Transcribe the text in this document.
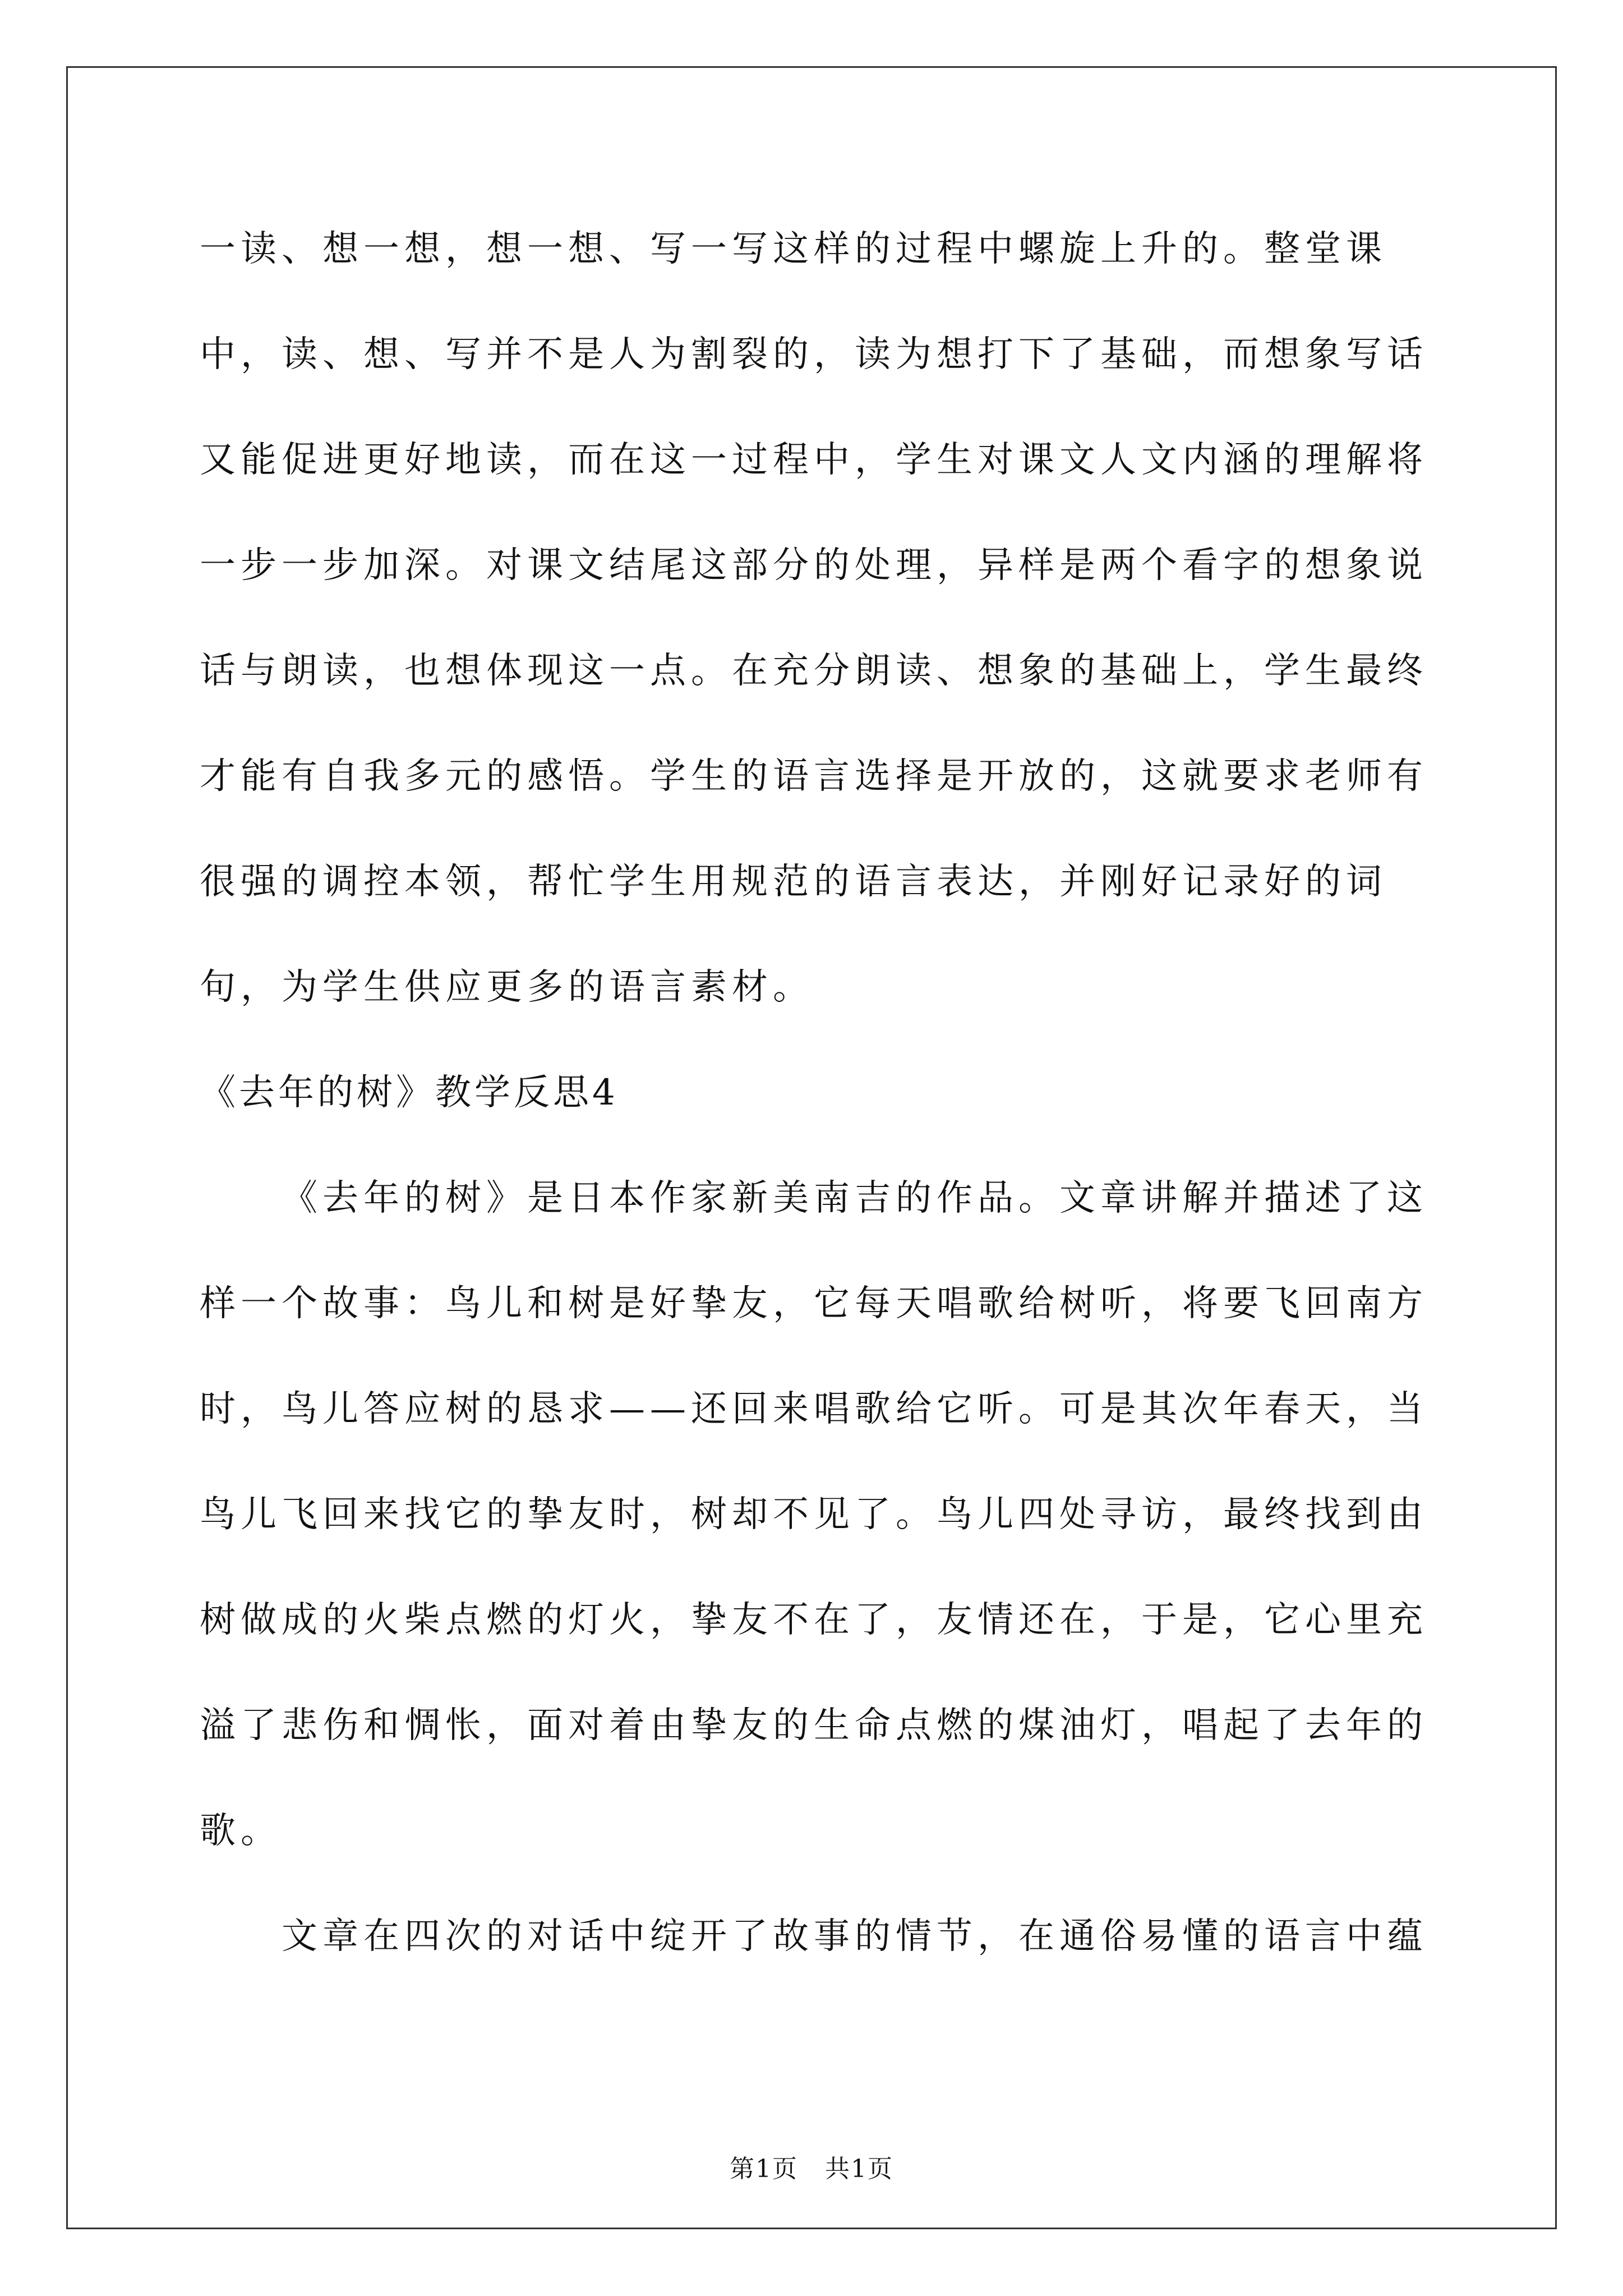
一读、想一想，想一想、写一写这样的过程中螺旋上升的。整堂课中，读、想、写并不是人为割裂的，读为想打下了基础，而想象写话又能促进更好地读，而在这一过程中，学生对课文人文内涵的理解将一步一步加深。对课文结尾这部分的处理，异样是两个看字的想象说话与朗读，也想体现这一点。在充分朗读、想象的基础上，学生最终才能有自我多元的感悟。学生的语言选择是开放的，这就要求老师有很强的调控本领，帮忙学生用规范的语言表达，并刚好记录好的词句，为学生供应更多的语言素材。

《去年的树》教学反思4

《去年的树》是日本作家新美南吉的作品。文章讲解并描述了这样一个故事：鸟儿和树是好挚友，它每天唱歌给树听，将要飞回南方时，鸟儿答应树的恳求——还回来唱歌给它听。可是其次年春天，当鸟儿飞回来找它的挚友时，树却不见了。鸟儿四处寻访，最终找到由树做成的火柴点燃的灯火，挚友不在了，友情还在，于是，它心里充溢了悲伤和惆怅，面对着由挚友的生命点燃的煤油灯，唱起了去年的歌。

文章在四次的对话中绽开了故事的情节，在通俗易懂的语言中蕴

第1页 共1页
